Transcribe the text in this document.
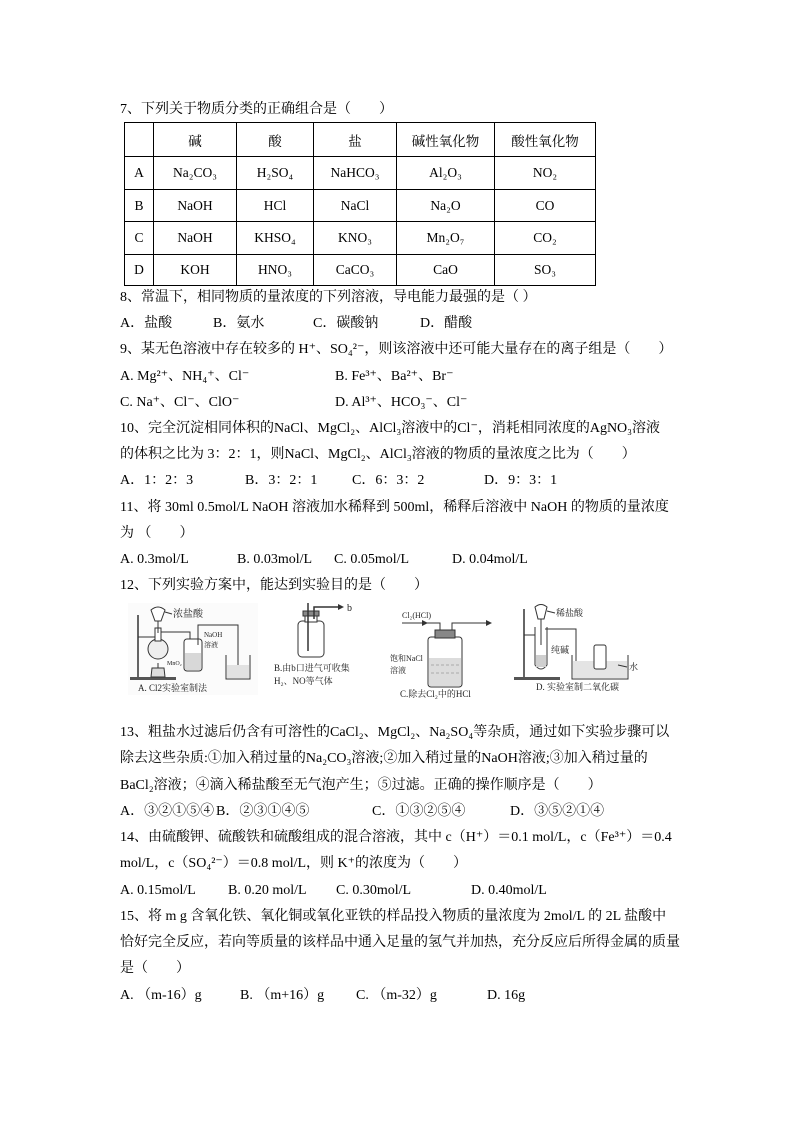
7、下列关于物质分类的正确组合是（　　）
	碱	酸	盐	碱性氧化物	酸性氧化物
A	Na₂CO₃	H₂SO₄	NaHCO₃	Al₂O₃	NO₂
B	NaOH	HCl	NaCl	Na₂O	CO
C	NaOH	KHSO₄	KNO₃	Mn₂O₇	CO₂
D	KOH	HNO₃	CaCO₃	CaO	SO₃
8、常温下，相同物质的量浓度的下列溶液，导电能力最强的是（ ）
A．盐酸	B．氨水	C．碳酸钠	D．醋酸
9、某无色溶液中存在较多的 H⁺、SO₄²⁻，则该溶液中还可能大量存在的离子组是（　　）
A. Mg²⁺、NH₄⁺、Cl⁻	B. Fe³⁺、Ba²⁺、Br⁻
C. Na⁺、Cl⁻、ClO⁻	D. Al³⁺、HCO₃⁻、Cl⁻
10、完全沉淀相同体积的NaCl、MgCl₂、AlCl₃溶液中的Cl⁻，消耗相同浓度的AgNO₃溶液
的体积之比为 3：2：1，则NaCl、MgCl₂、AlCl₃溶液的物质的量浓度之比为（　　）
A．1：2：3	B．3：2：1 C．6：3：2	D．9：3：1
11、将 30ml 0.5mol/L NaOH 溶液加水稀释到 500ml，稀释后溶液中 NaOH 的物质的量浓度
为 （　　）
A. 0.3mol/L	B. 0.03mol/L C. 0.05mol/L	D. 0.04mol/L
12、下列实验方案中，能达到实验目的是（　　）
浓盐酸
MnO₂
NaOH
溶液
A. Cl2实验室制法
b
B.由b口进气可收集
H₂、NO等气体
Cl₂(HCl)
饱和NaCl
溶液
C.除去Cl₂中的HCl
稀盐酸
纯碱
水
D. 实验室制二氧化碳
13、粗盐水过滤后仍含有可溶性的CaCl₂、MgCl₂、Na₂SO₄等杂质，通过如下实验步骤可以
除去这些杂质:①加入稍过量的Na₂CO₃溶液;②加入稍过量的NaOH溶液;③加入稍过量的
BaCl₂溶液；④滴入稀盐酸至无气泡产生；⑤过滤。正确的操作顺序是（　　）
A．③②①⑤④ B．②③①④⑤	C．①③②⑤④	D．③⑤②①④
14、由硫酸钾、硫酸铁和硫酸组成的混合溶液，其中 c（H⁺）＝0.1 mol/L，c（Fe³⁺）＝0.4
mol/L，c（SO₄²⁻）＝0.8 mol/L，则 K⁺的浓度为（　　）
A. 0.15mol/L B. 0.20 mol/L C. 0.30mol/L	D. 0.40mol/L
15、将 m g 含氧化铁、氧化铜或氧化亚铁的样品投入物质的量浓度为 2mol/L 的 2L 盐酸中
恰好完全反应，若向等质量的该样品中通入足量的氢气并加热，充分反应后所得金属的质量
是（　　）
A. （m-16）g	B. （m+16）g C. （m-32）g	D. 16g
